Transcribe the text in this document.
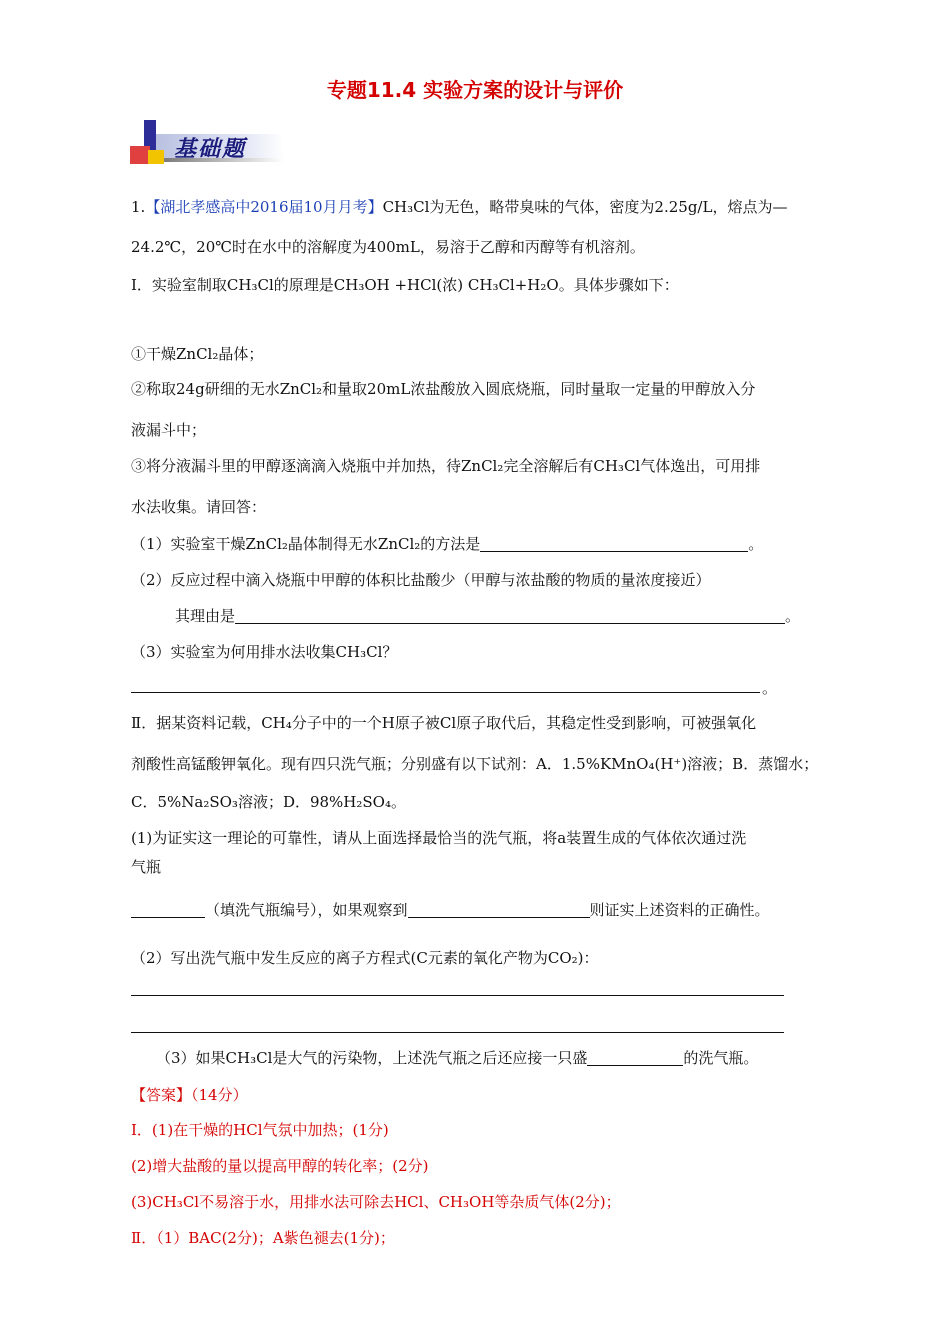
专题11.4 实验方案的设计与评价
基础题
1.【湖北孝感高中2016届10月月考】CH₃Cl为无色，略带臭味的气体，密度为2.25g/L，熔点为—
24.2℃，20℃时在水中的溶解度为400mL，易溶于乙醇和丙醇等有机溶剂。
Ⅰ．实验室制取CH₃Cl的原理是CH₃OH +HCl(浓) CH₃Cl+H₂O。具体步骤如下：
①干燥ZnCl₂晶体；
②称取24g研细的无水ZnCl₂和量取20mL浓盐酸放入圆底烧瓶，同时量取一定量的甲醇放入分
液漏斗中；
③将分液漏斗里的甲醇逐滴滴入烧瓶中并加热，待ZnCl₂完全溶解后有CH₃Cl气体逸出，可用排
水法收集。请回答：
（1）实验室干燥ZnCl₂晶体制得无水ZnCl₂的方法是	。
（2）反应过程中滴入烧瓶中甲醇的体积比盐酸少（甲醇与浓盐酸的物质的量浓度接近）
其理由是	。
（3）实验室为何用排水法收集CH₃Cl？
。
Ⅱ．据某资料记载，CH₄分子中的一个H原子被Cl原子取代后，其稳定性受到影响，可被强氧化
剂酸性高锰酸钾氧化。现有四只洗气瓶；分别盛有以下试剂：A．1.5%KMnO₄(H⁺)溶液；B．蒸馏水；
C．5%Na₂SO₃溶液；D．98%H₂SO₄。
(1)为证实这一理论的可靠性，请从上面选择最恰当的洗气瓶，将a装置生成的气体依次通过洗
气瓶
（填洗气瓶编号），如果观察到	则证实上述资料的正确性。
（2）写出洗气瓶中发生反应的离子方程式(C元素的氧化产物为CO₂)：
（3）如果CH₃Cl是大气的污染物，上述洗气瓶之后还应接一只盛	的洗气瓶。
【答案】（14分）
Ⅰ．(1)在干燥的HCl气氛中加热；(1分)
(2)增大盐酸的量以提高甲醇的转化率；(2分)
(3)CH₃Cl不易溶于水，用排水法可除去HCl、CH₃OH等杂质气体(2分)；
Ⅱ．（1）BAC(2分)；A紫色褪去(1分)；
